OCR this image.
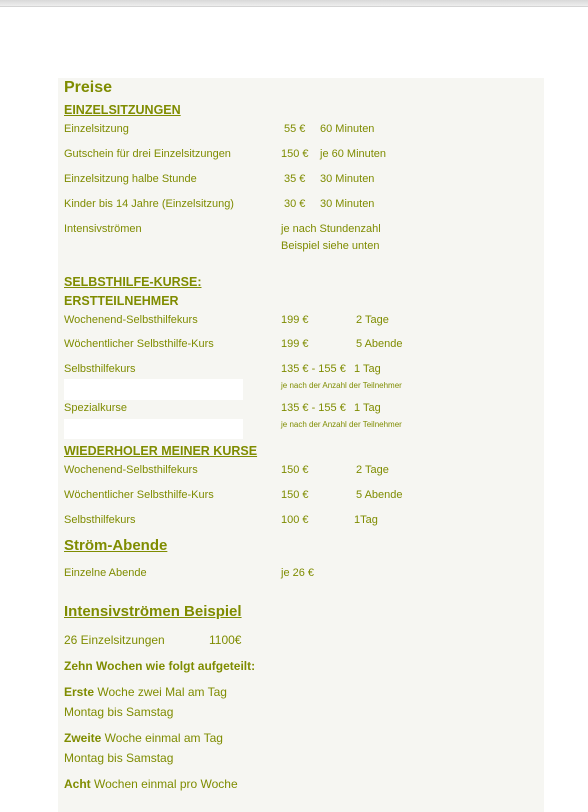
Preise
EINZELSITZUNGEN
Einzelsitzung	55 € 60 Minuten
Gutschein für drei Einzelsitzungen	150 € je 60 Minuten
Einzelsitzung halbe Stunde	35 € 30 Minuten
Kinder bis 14 Jahre (Einzelsitzung)	30 € 30 Minuten
Intensivströmen	je nach Stundenzahl
Beispiel siehe unten
SELBSTHILFE-KURSE:
ERSTTEILNEHMER
Wochenend-Selbsthilfekurs	199 €	2 Tage
Wöchentlicher Selbsthilfe-Kurs	199 €	5 Abende
Selbsthilfekurs	135 € - 155 € 1 Tag
je nach der Anzahl der Teilnehmer
Spezialkurse	135 € - 155 € 1 Tag
je nach der Anzahl der Teilnehmer
WIEDERHOLER MEINER KURSE
Wochenend-Selbsthilfekurs	150 €	2 Tage
Wöchentlicher Selbsthilfe-Kurs	150 €	5 Abende
Selbsthilfekurs	100 €	1Tag
Ström-Abende
Einzelne Abende	je 26 €
Intensivströmen Beispiel
26 Einzelsitzungen	1100€
Zehn Wochen wie folgt aufgeteilt:
Erste Woche zwei Mal am Tag
Montag bis Samstag
Zweite Woche einmal am Tag
Montag bis Samstag
Acht Wochen einmal pro Woche
